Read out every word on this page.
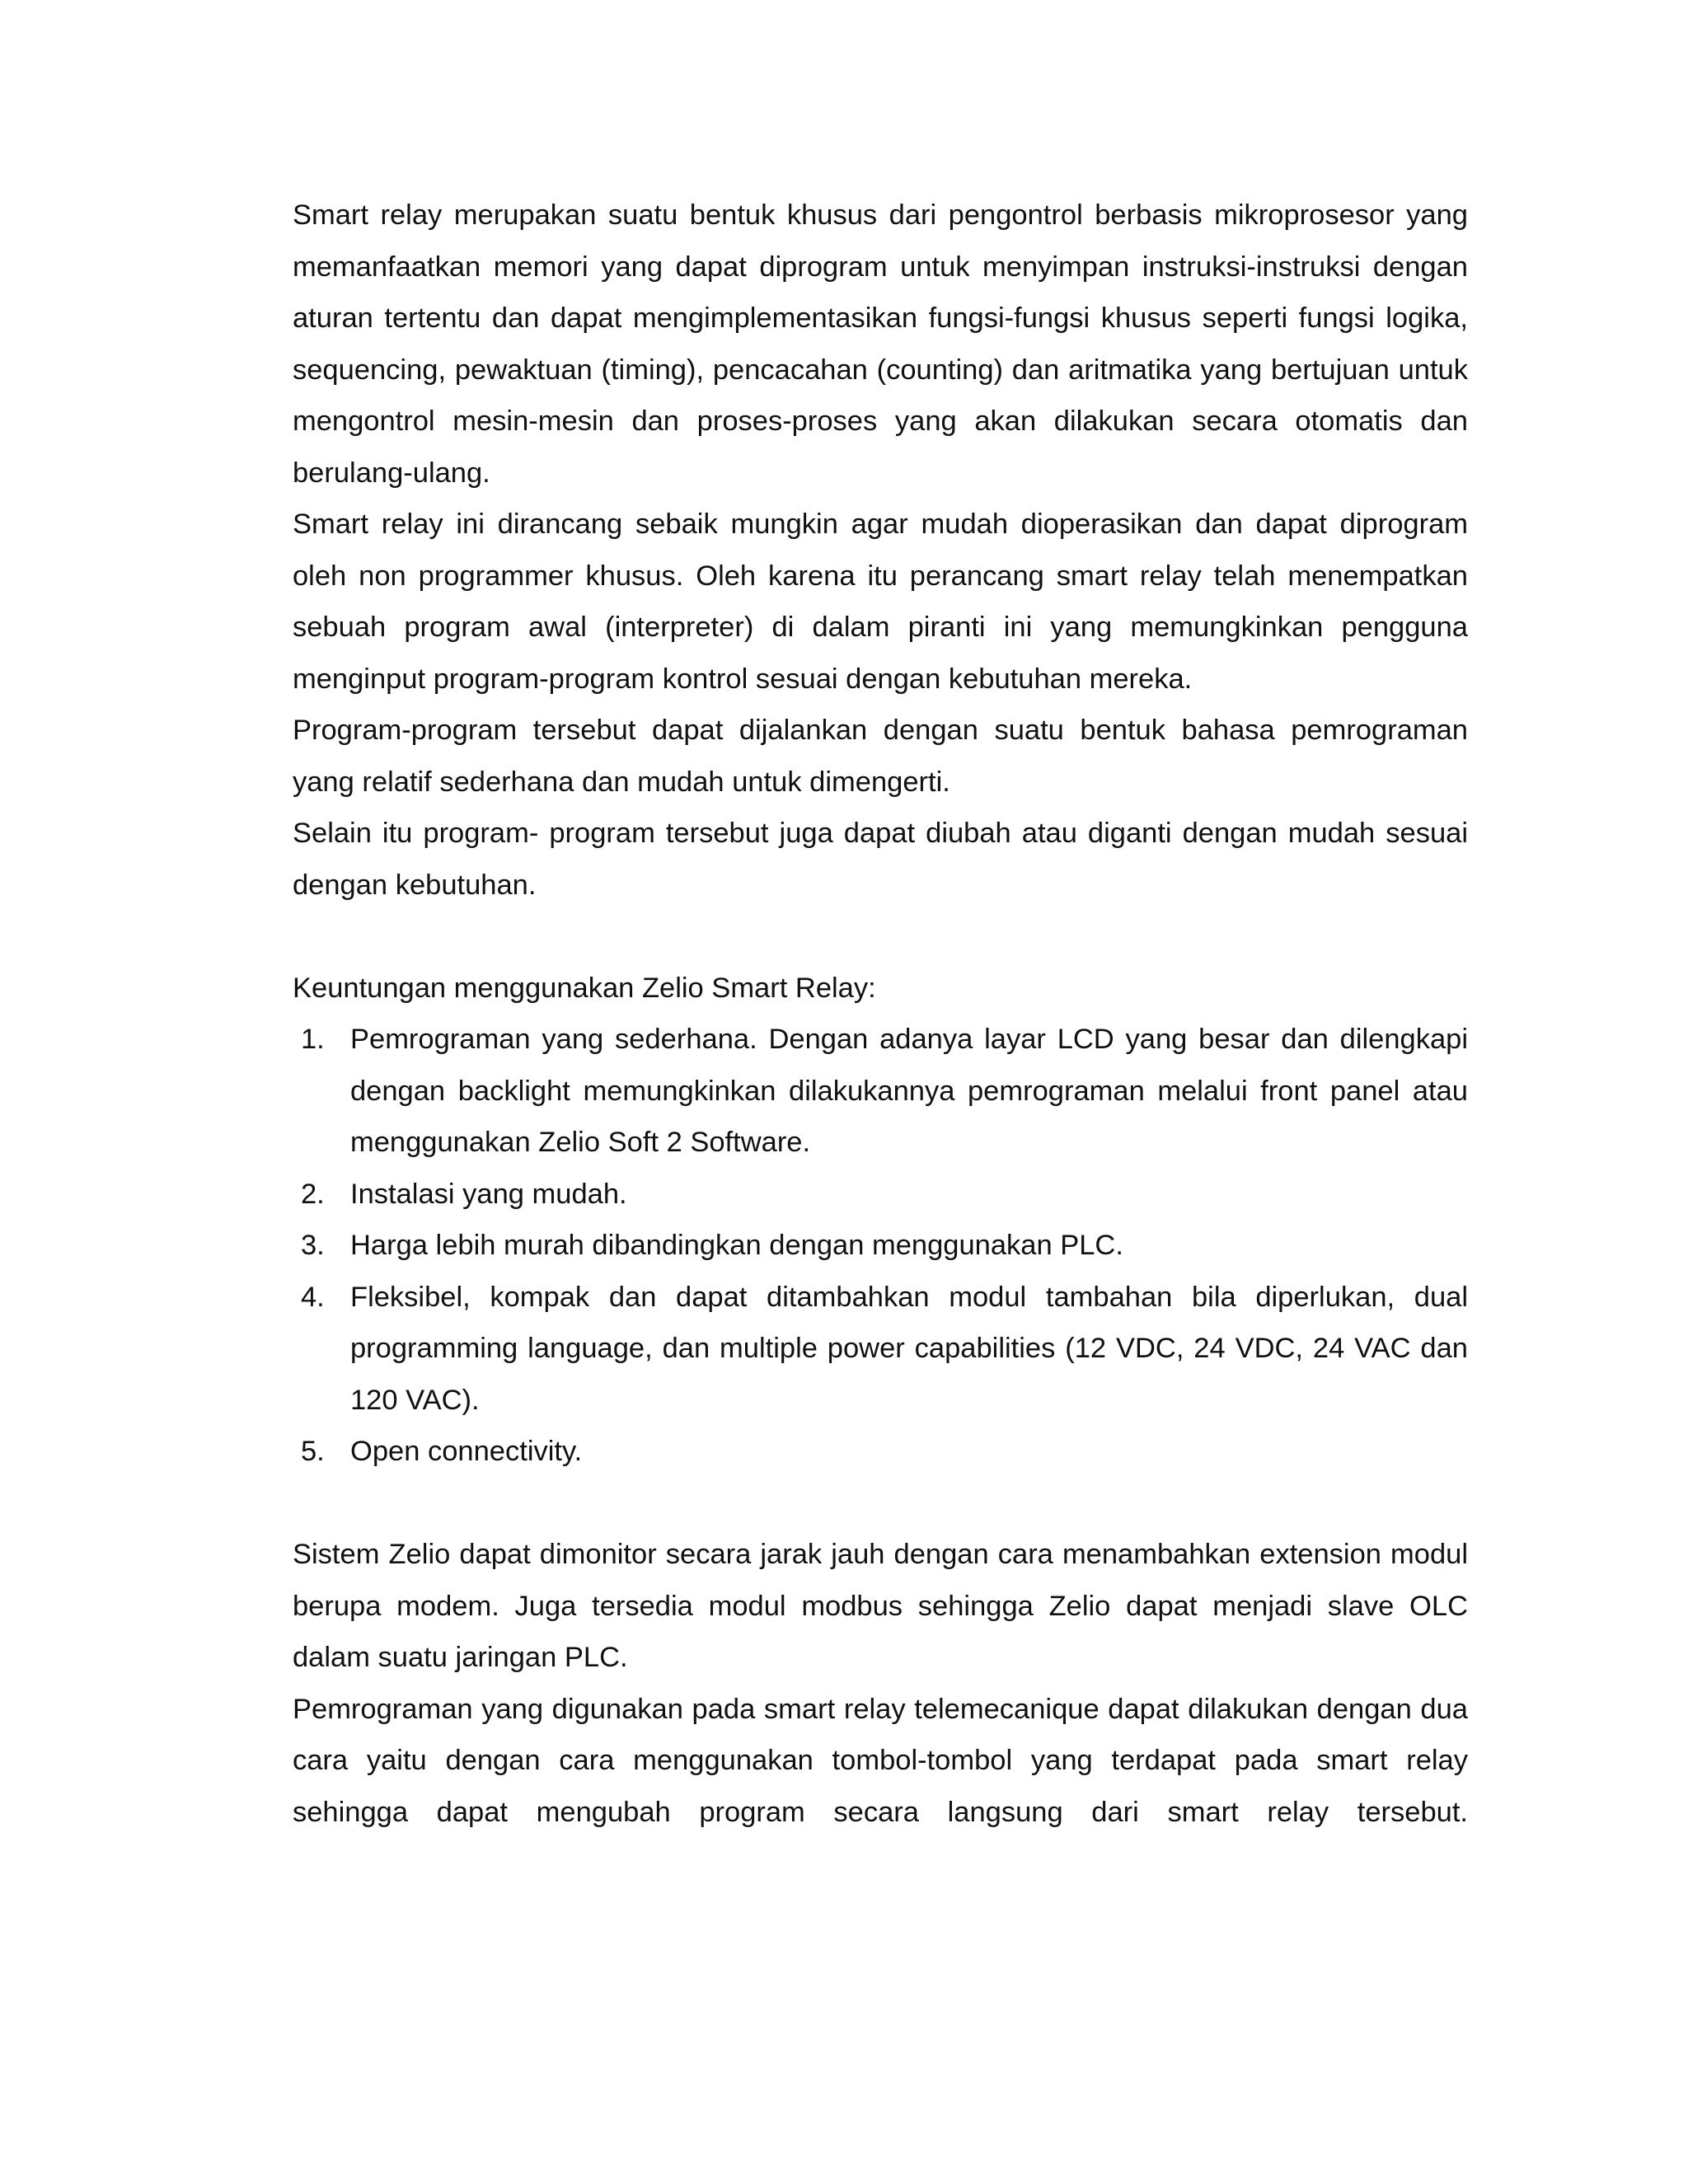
Smart relay merupakan suatu bentuk khusus dari pengontrol berbasis mikroprosesor yang memanfaatkan memori yang dapat diprogram untuk menyimpan instruksi-instruksi dengan aturan tertentu dan dapat mengimplementasikan fungsi-fungsi khusus seperti fungsi logika, sequencing, pewaktuan (timing), pencacahan (counting) dan aritmatika yang bertujuan untuk mengontrol mesin-mesin dan proses-proses yang akan dilakukan secara otomatis dan berulang-ulang.

Smart relay ini dirancang sebaik mungkin agar mudah dioperasikan dan dapat diprogram oleh non programmer khusus. Oleh karena itu perancang smart relay telah menempatkan sebuah program awal (interpreter) di dalam piranti ini yang memungkinkan pengguna menginput program-program kontrol sesuai dengan kebutuhan mereka.

Program-program tersebut dapat dijalankan dengan suatu bentuk bahasa pemrograman yang relatif sederhana dan mudah untuk dimengerti.

Selain itu program- program tersebut juga dapat diubah atau diganti dengan mudah sesuai dengan kebutuhan.

Keuntungan menggunakan Zelio Smart Relay:

1. Pemrograman yang sederhana. Dengan adanya layar LCD yang besar dan dilengkapi dengan backlight memungkinkan dilakukannya pemrograman melalui front panel atau menggunakan Zelio Soft 2 Software.
2. Instalasi yang mudah.
3. Harga lebih murah dibandingkan dengan menggunakan PLC.
4. Fleksibel, kompak dan dapat ditambahkan modul tambahan bila diperlukan, dual programming language, dan multiple power capabilities (12 VDC, 24 VDC, 24 VAC dan 120 VAC).
5. Open connectivity.

Sistem Zelio dapat dimonitor secara jarak jauh dengan cara menambahkan extension modul berupa modem. Juga tersedia modul modbus sehingga Zelio dapat menjadi slave OLC dalam suatu jaringan PLC.

Pemrograman yang digunakan pada smart relay telemecanique dapat dilakukan dengan dua cara yaitu dengan cara menggunakan tombol-tombol yang terdapat pada smart relay sehingga dapat mengubah program secara langsung dari smart relay tersebut.
